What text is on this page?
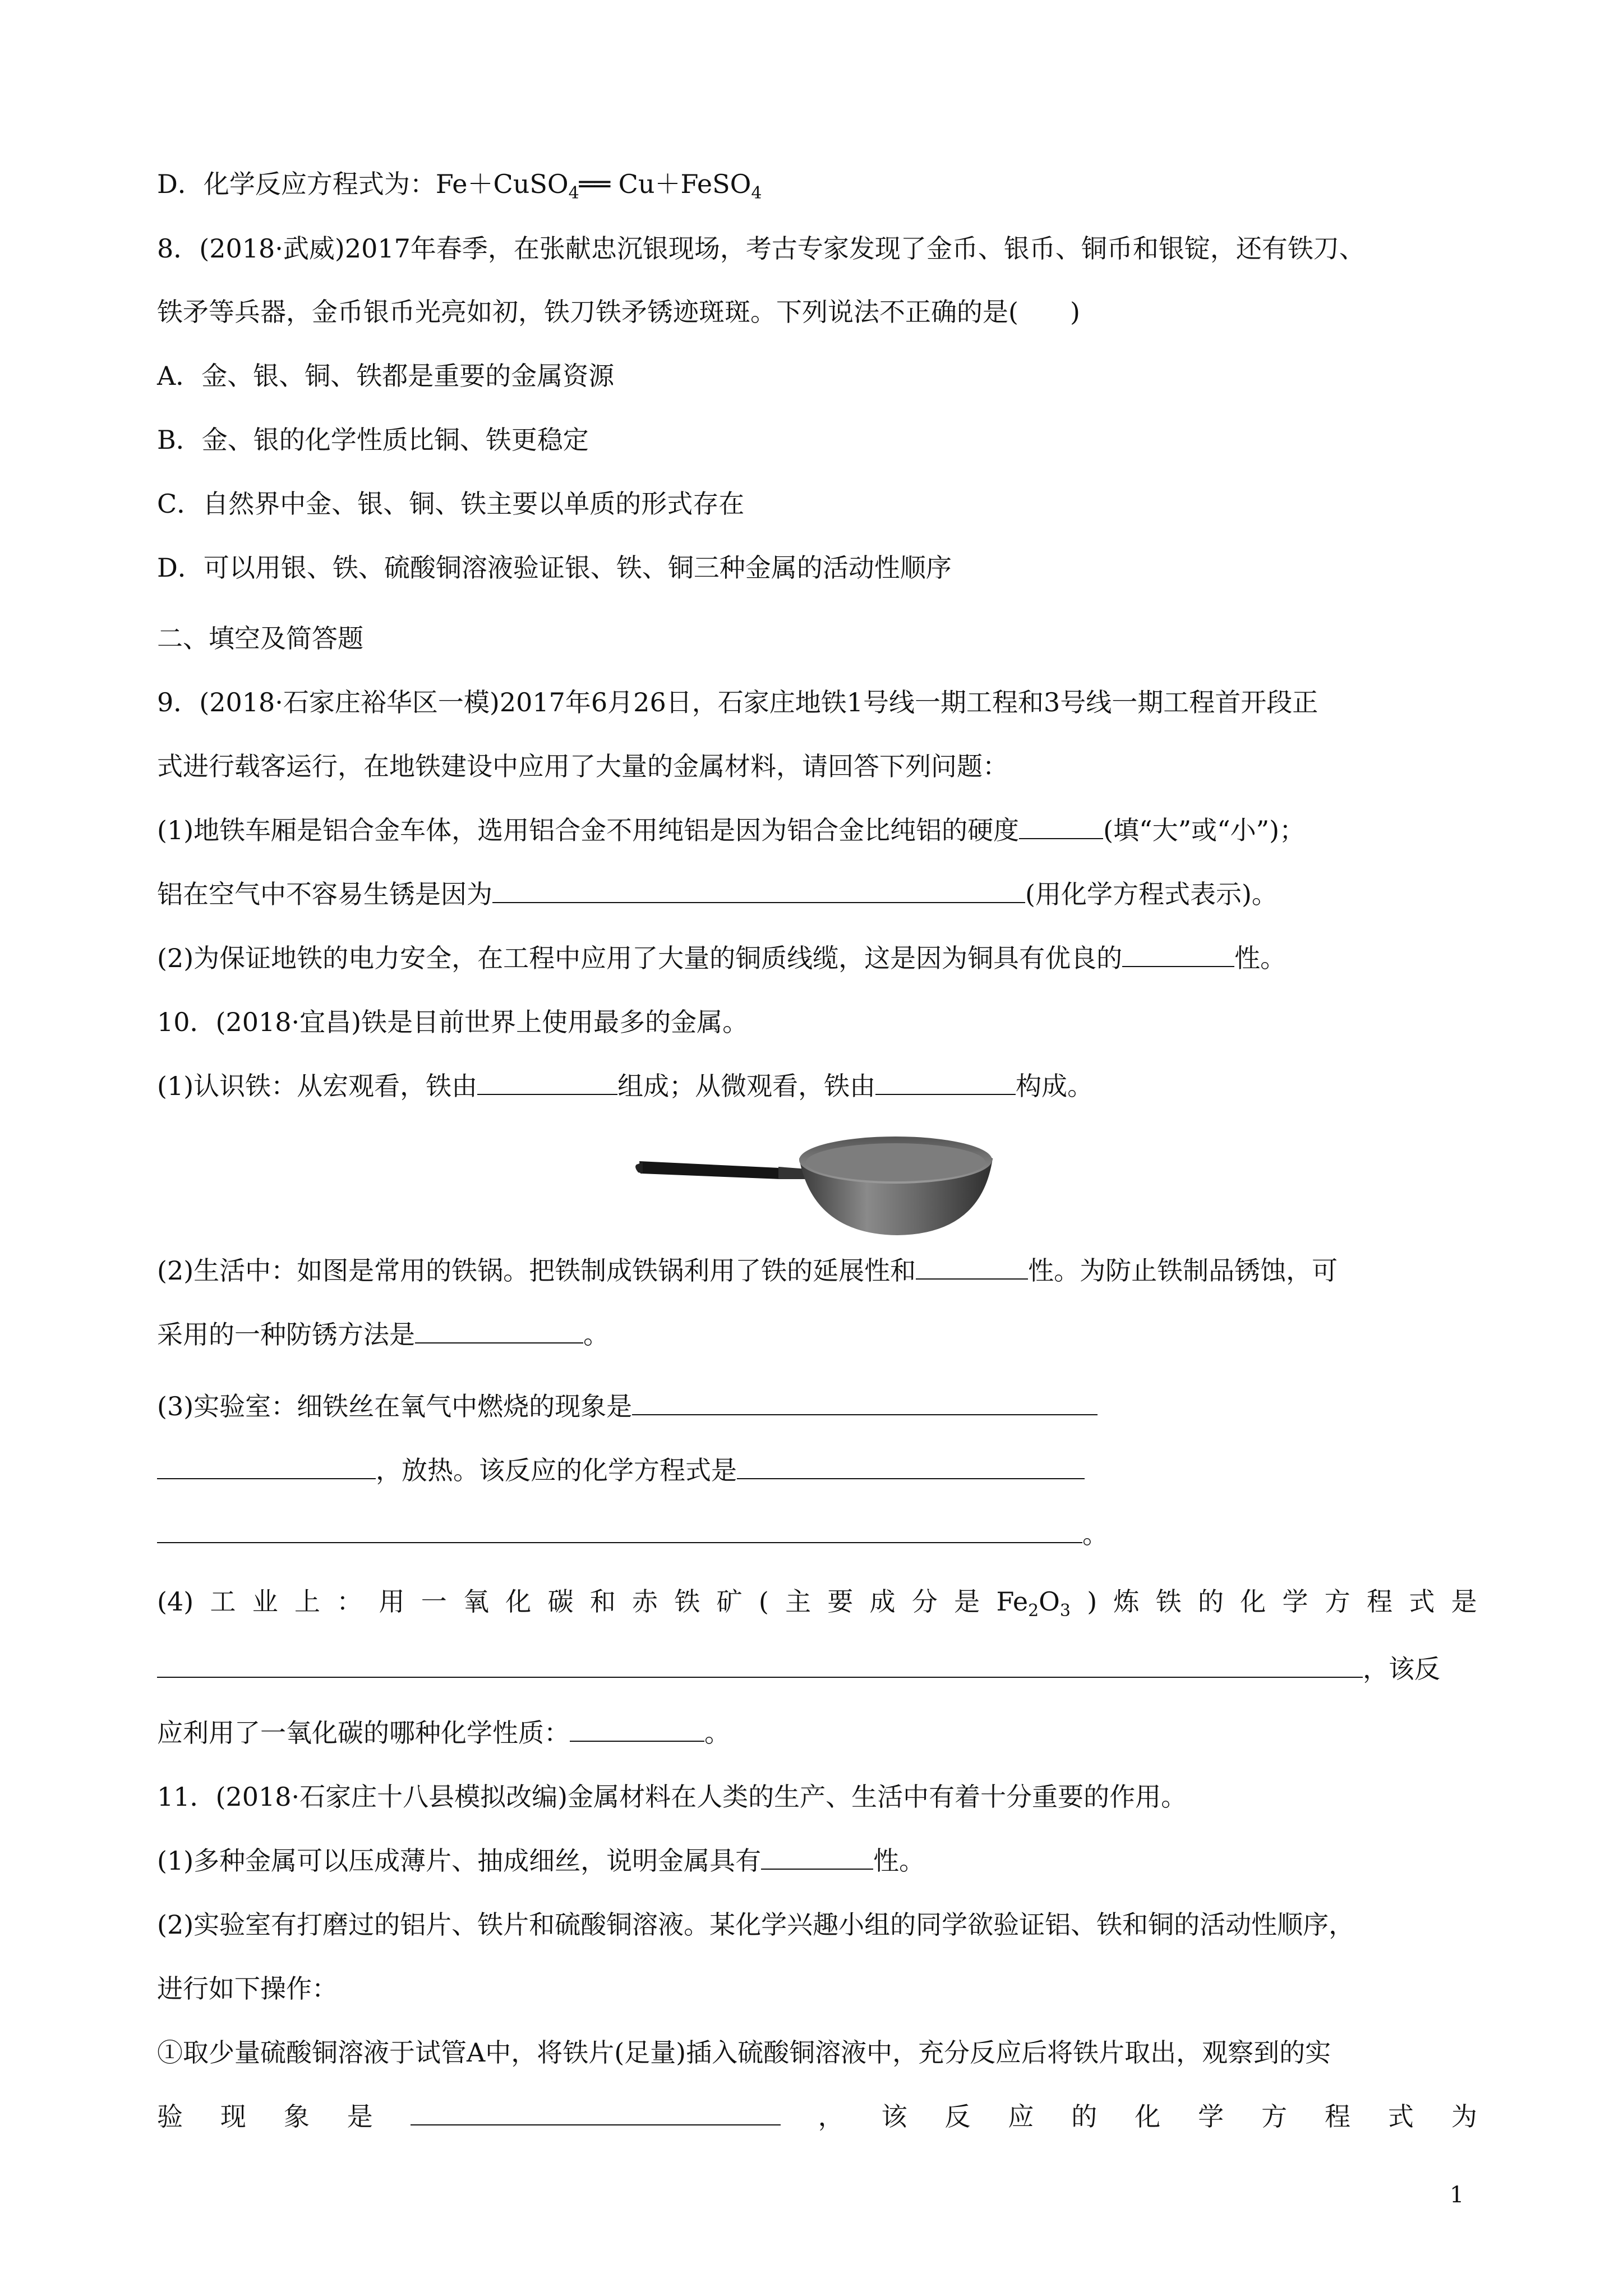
D．化学反应方程式为：Fe＋CuSO$_4$══ Cu＋FeSO$_4$

8．(2018·武威)2017年春季，在张献忠沉银现场，考古专家发现了金币、银币、铜币和银锭，还有铁刀、

铁矛等兵器，金币银币光亮如初，铁刀铁矛锈迹斑斑。下列说法不正确的是(　　)

A．金、银、铜、铁都是重要的金属资源

B．金、银的化学性质比铜、铁更稳定

C．自然界中金、银、铜、铁主要以单质的形式存在

D．可以用银、铁、硫酸铜溶液验证银、铁、铜三种金属的活动性顺序

二、填空及简答题

9．(2018·石家庄裕华区一模)2017年6月26日，石家庄地铁1号线一期工程和3号线一期工程首开段正

式进行载客运行，在地铁建设中应用了大量的金属材料，请回答下列问题：

(1)地铁车厢是铝合金车体，选用铝合金不用纯铝是因为铝合金比纯铝的硬度	(填“大”或“小”)；
铝在空气中不容易生锈是因为	(用化学方程式表示)。
(2)为保证地铁的电力安全，在工程中应用了大量的铜质线缆，这是因为铜具有优良的	性。

10．(2018·宜昌)铁是目前世界上使用最多的金属。

(1)认识铁：从宏观看，铁由	组成；从微观看，铁由	构成。
(2)生活中：如图是常用的铁锅。把铁制成铁锅利用了铁的延展性和	性。为防止铁制品锈蚀，可
采用的一种防锈方法是	。
(3)实验室：细铁丝在氧气中燃烧的现象是
，放热。该反应的化学方程式是
。
(4) 工 业 上 ： 用 一 氧 化 碳 和 赤 铁 矿 ( 主 要 成 分 是 $Fe_2O_3$ ) 炼 铁 的 化 学 方 程 式 是
，该反
应利用了一氧化碳的哪种化学性质：	。

11．(2018·石家庄十八县模拟改编)金属材料在人类的生产、生活中有着十分重要的作用。

(1)多种金属可以压成薄片、抽成细丝，说明金属具有	性。

(2)实验室有打磨过的铝片、铁片和硫酸铜溶液。某化学兴趣小组的同学欲验证铝、铁和铜的活动性顺序，

进行如下操作：

①取少量硫酸铜溶液于试管A中，将铁片(足量)插入硫酸铜溶液中，充分反应后将铁片取出，观察到的实

验 现 象 是	， 该 反 应 的 化 学 方 程 式 为
1
